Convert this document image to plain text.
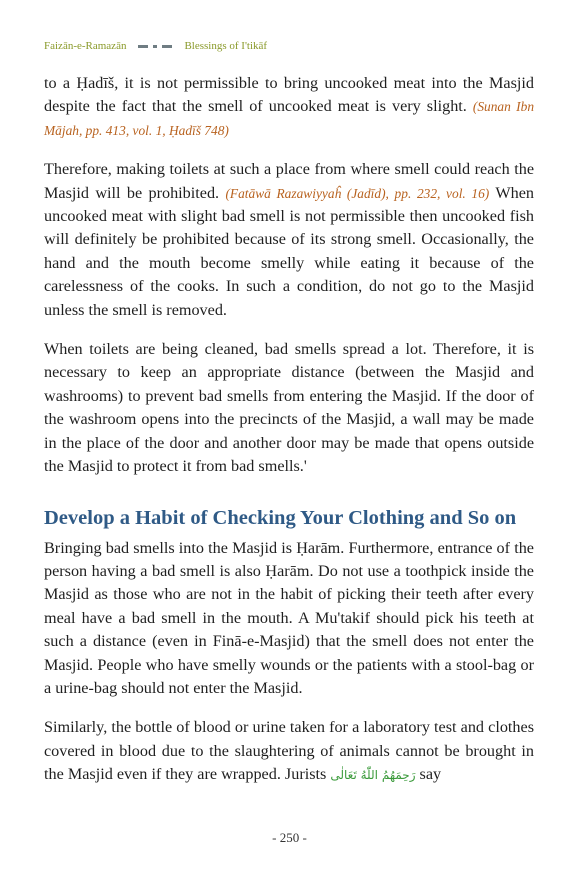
Faizān-e-Ramazān	Blessings of I'tikāf

to a Ḥadīš, it is not permissible to bring uncooked meat into the Masjid despite the fact that the smell of uncooked meat is very slight. (Sunan Ibn Mājah, pp. 413, vol. 1, Ḥadīš 748)

Therefore, making toilets at such a place from where smell could reach the Masjid will be prohibited. (Fatāwā Razawiyyaĥ (Jadīd), pp. 232, vol. 16) When uncooked meat with slight bad smell is not permissible then uncooked fish will definitely be prohibited because of its strong smell. Occasionally, the hand and the mouth become smelly while eating it because of the carelessness of the cooks. In such a condition, do not go to the Masjid unless the smell is removed.

When toilets are being cleaned, bad smells spread a lot. Therefore, it is necessary to keep an appropriate distance (between the Masjid and washrooms) to prevent bad smells from entering the Masjid. If the door of the washroom opens into the precincts of the Masjid, a wall may be made in the place of the door and another door may be made that opens outside the Masjid to protect it from bad smells.'

Develop a Habit of Checking Your Clothing and So on

Bringing bad smells into the Masjid is Ḥarām. Furthermore, entrance of the person having a bad smell is also Ḥarām. Do not use a toothpick inside the Masjid as those who are not in the habit of picking their teeth after every meal have a bad smell in the mouth. A Mu'takif should pick his teeth at such a distance (even in Finā-e-Masjid) that the smell does not enter the Masjid. People who have smelly wounds or the patients with a stool-bag or a urine-bag should not enter the Masjid.

Similarly, the bottle of blood or urine taken for a laboratory test and clothes covered in blood due to the slaughtering of animals cannot be brought in the Masjid even if they are wrapped. Jurists رَحِمَهُمُ اللّٰهُ تَعَالٰی say

- 250 -
